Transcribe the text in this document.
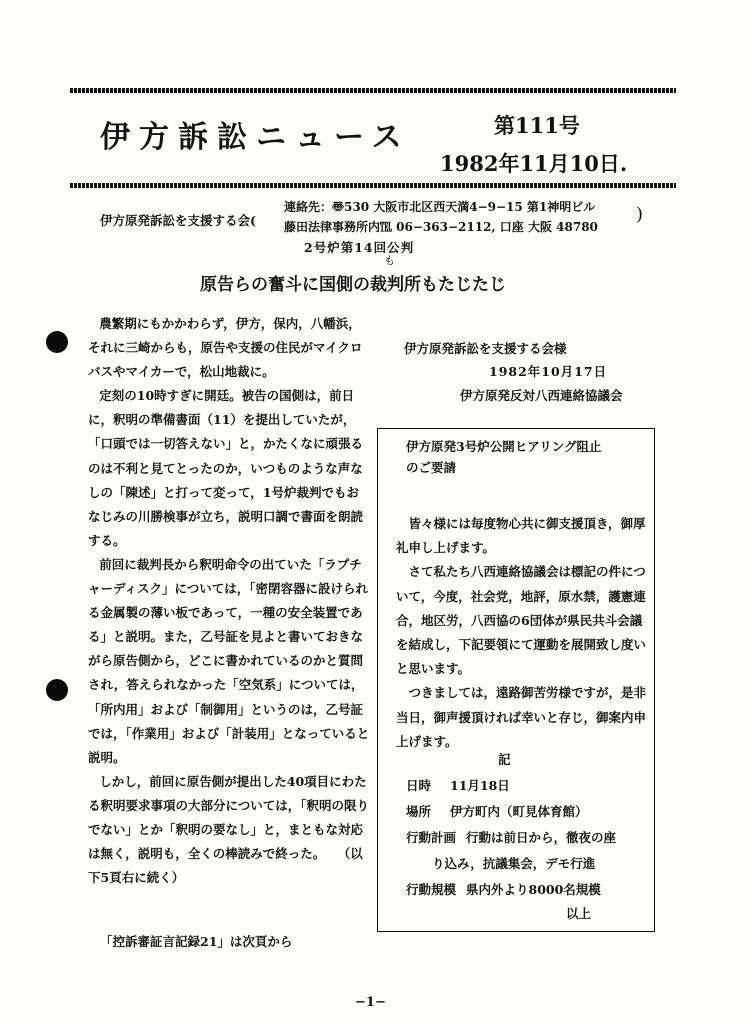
伊方訴訟ニュース	第111号
1982年11月10日.
伊方原発訴訟を支援する会(
連絡先：〠530 大阪市北区西天満4−9−15 第1神明ビル
藤田法律事務所内℡ 06−363−2112, 口座 大阪 48780
)
2号炉第14回公判
も
原告らの奮斗に国側の裁判所もたじたじ

農繁期にもかかわらず，伊方，保内，八幡浜，それに三崎からも，原告や支援の住民がマイクロバスやマイカーで，松山地裁に。

定刻の10時すぎに開廷。被告の国側は，前日に，釈明の準備書面（11）を提出していたが，「口頭では一切答えない」と，かたくなに頑張るのは不利と見てとったのか，いつものような声なしの「陳述」と打って変って，1号炉裁判でもおなじみの川勝検事が立ち，説明口調で書面を朗読する。

前回に裁判長から釈明命令の出ていた「ラプチャーディスク」については，「密閉容器に設けられる金属製の薄い板であって，一種の安全装置である」と説明。また，乙号証を見よと書いておきながら原告側から，どこに書かれているのかと質問され，答えられなかった「空気系」については，「所内用」および「制御用」というのは，乙号証では，「作業用」および「計装用」となっていると説明。

しかし，前回に原告側が提出した40項目にわたる釈明要求事項の大部分については，「釈明の限りでない」とか「釈明の要なし」と，まともな対応は無く，説明も，全くの棒読みで終った。　　（以下5頁右に続く）

伊方原発訴訟を支援する会様
1982年10月17日
伊方原発反対八西連絡協議会
伊方原発3号炉公開ヒアリング阻止
のご要請

皆々様には毎度物心共に御支援頂き，御厚礼申し上げます。

さて私たち八西連絡協議会は標記の件について，今度，社会党，地評，原水禁，護憲連合，地区労，八西協の6団体が県民共斗会議を結成し，下記要領にて運動を展開致し度いと思います。

つきましては，遠路御苦労様ですが，是非当日，御声援頂ければ幸いと存じ，御案内申上げます。

記
日時 11月18日
場所 伊方町内（町見体育館）
行動計画 行動は前日から，徹夜の座
り込み，抗議集会，デモ行進
行動規模 県内外より8000名規模
以上
「控訴審証言記録21」は次頁から
−1−
